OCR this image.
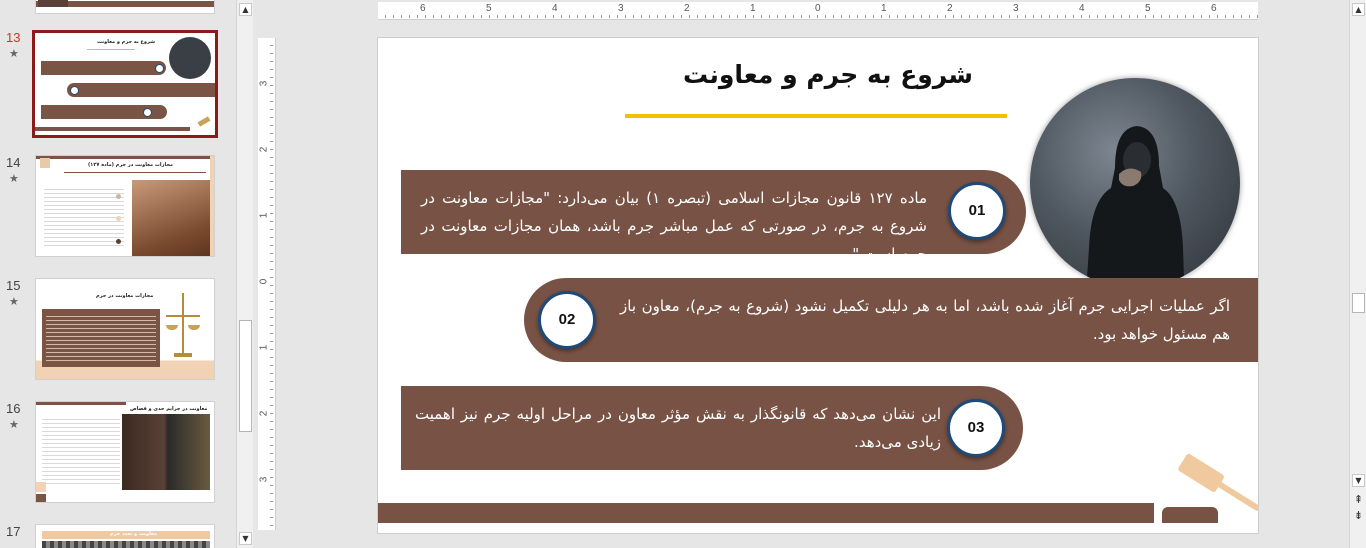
13
★
شروع به جرم و معاونت
14
★
مجازات معاونت در جرم (ماده ۱۲۷)
15
★	مجازات معاونت در جرم
16
★
معاونت در جرایم حدی و قصاص
17	معاونت و تعدد جرم
▲
▼
6	5	4	3	2	1	0	1	2	3	4	5	6
3
2
1
0
1
2
3
شروع به جرم و معاونت
ماده ۱۲۷ قانون مجازات اسلامی (تبصره ۱) بیان می‌دارد: "مجازات معاونت در شروع به جرم، در صورتی که عمل مباشر جرم باشد، همان مجازات معاونت در جرم است."
01
اگر عملیات اجرایی جرم آغاز شده باشد، اما به هر دلیلی تکمیل نشود (شروع به جرم)، معاون باز هم مسئول خواهد بود.
02
این نشان می‌دهد که قانونگذار به نقش مؤثر معاون در مراحل اولیه جرم نیز اهمیت زیادی می‌دهد.
03
▲
▼
⇞
⇟
